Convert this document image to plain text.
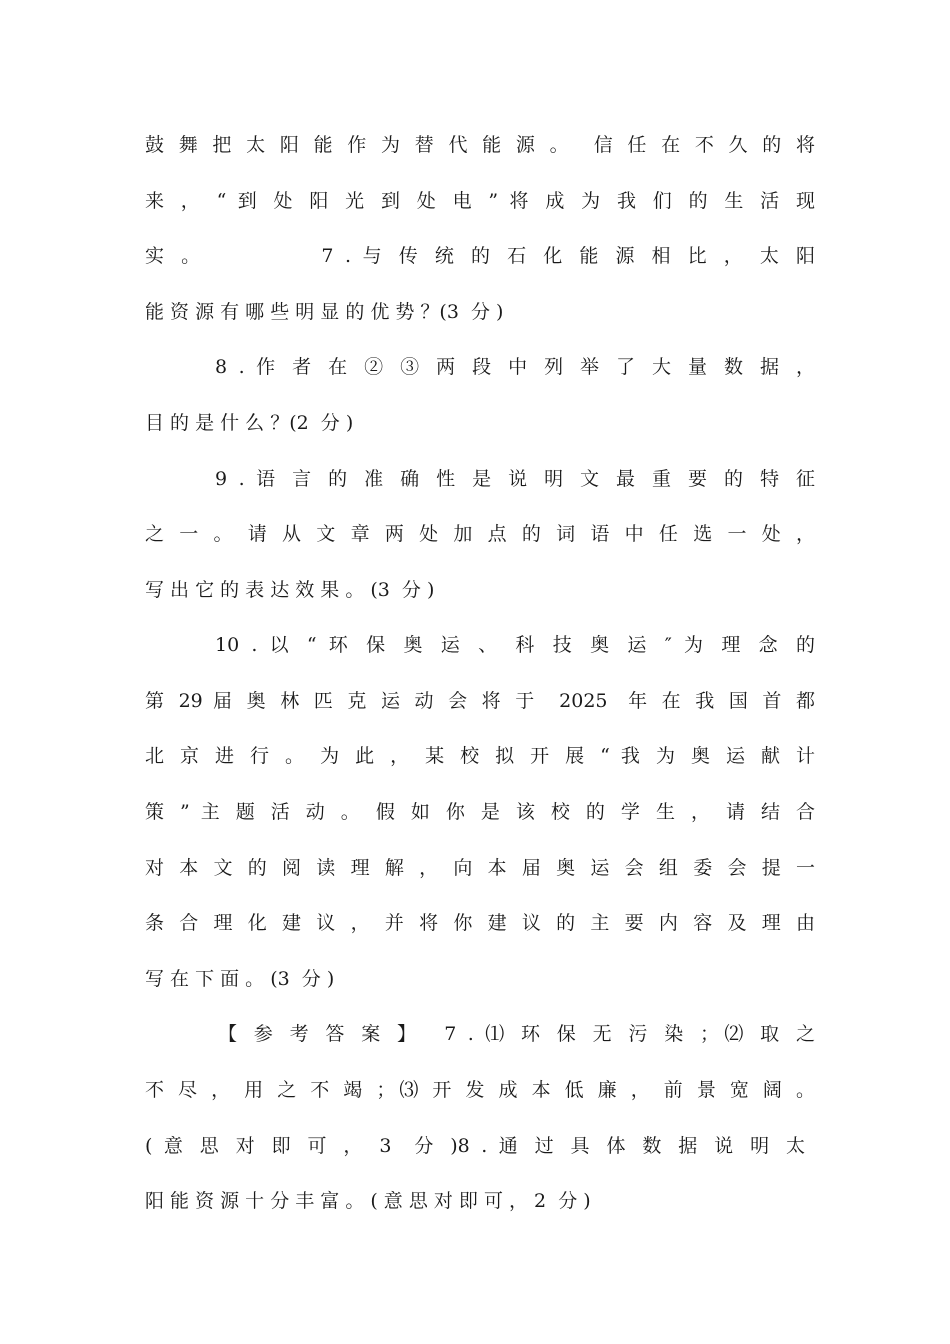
鼓 舞 把 太 阳 能 作 为 替 代 能 源 。  信 任 在 不 久 的 将
来 ， “ 到 处 阳 光 到 处 电 ” 将 成 为 我 们 的 生 活 现
实 。          7 . 与 传 统 的 石 化 能 源 相 比 ， 太 阳
能 资 源 有 哪 些 明 显 的 优 势 ？(3  分 )
8 . 作 者 在 ② ③ 两 段 中 列 举 了 大 量 数 据 ，
目 的 是 什 么 ？(2  分 )
9 . 语 言 的 准 确 性 是 说 明 文 最 重 要 的 特 征
之 一 。 请 从 文 章 两 处 加 点 的 词 语 中 任 选 一 处 ，
写 出 它 的 表 达 效 果 。 (3  分 )
10 . 以 “ 环 保 奥 运 、 科 技 奥 运 ″ 为 理 念 的
第 29 届 奥 林 匹 克 运 动 会 将 于  2025  年 在 我 国 首 都
北 京 进 行 。 为 此 ， 某 校 拟 开 展 “ 我 为 奥 运 献 计
策 ” 主 题 活 动 。 假 如 你 是 该 校 的 学 生 ， 请 结 合
对 本 文 的 阅 读 理 解 ， 向 本 届 奥 运 会 组 委 会 提 一
条 合 理 化 建 议 ， 并 将 你 建 议 的 主 要 内 容 及 理 由
写 在 下 面 。 (3  分 )
【 参 考 答 案 】  7 . ⑴ 环 保 无 污 染 ；⑵ 取 之
不 尽 ， 用 之 不 竭 ；⑶ 开 发 成 本 低 廉 ， 前 景 宽 阔 。
( 意 思 对 即 可 ， 3  分 )8 . 通 过 具 体 数 据 说 明 太
阳 能 资 源 十 分 丰 富 。 ( 意 思 对 即 可 ， 2  分 )
